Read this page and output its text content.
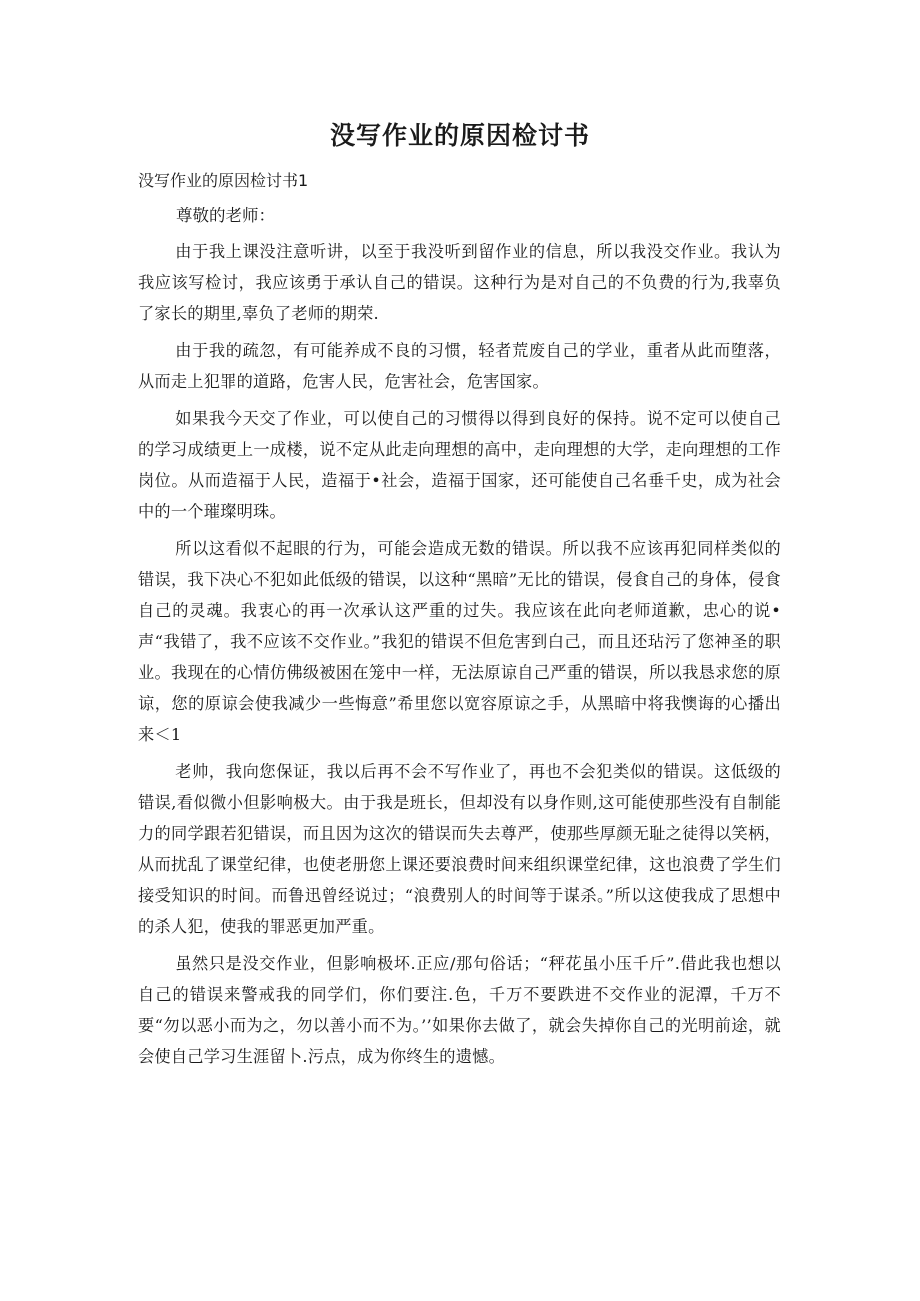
没写作业的原因检讨书
没写作业的原因检讨书1
尊敬的老师：

由于我上课没注意听讲，以至于我没听到留作业的信息，所以我没交作业。我认为我应该写检讨，我应该勇于承认自己的错误。这种行为是对自己的不负费的行为,我辜负了家长的期里,辜负了老师的期荣.

由于我的疏忽，有可能养成不良的习惯，轻者荒废自己的学业，重者从此而堕落，从而走上犯罪的道路，危害人民，危害社会，危害国家。

如果我今天交了作业，可以使自己的习惯得以得到良好的保持。说不定可以使自己的学习成绩更上一成楼，说不定从此走向理想的高中，走向理想的大学，走向理想的工作岗位。从而造福于人民，造福于•社会，造福于国家，还可能使自己名垂千史，成为社会中的一个璀璨明珠。

所以这看似不起眼的行为，可能会造成无数的错误。所以我不应该再犯同样类似的错误，我下决心不犯如此低级的错误，以这种“黑暗”无比的错误，侵食自己的身体，侵食自己的灵魂。我衷心的再一次承认这严重的过失。我应该在此向老师道歉，忠心的说•声“我错了，我不应该不交作业。”我犯的错误不但危害到白己，而且还玷污了您神圣的职业。我现在的心情仿佛级被困在笼中一样，无法原谅自己严重的错误，所以我恳求您的原谅，您的原谅会使我减少一些悔意”希里您以宽容原谅之手，从黑暗中将我懊诲的心播出来＜1

老帅，我向您保证，我以后再不会不写作业了，再也不会犯类似的错误。这低级的错误,看似微小但影响极大。由于我是班长，但却没有以身作则,这可能使那些没有自制能力的同学跟若犯错误，而且因为这次的错误而失去尊严，使那些厚颜无耻之徒得以笑柄，从而扰乱了课堂纪律，也使老册您上课还要浪费时间来组织课堂纪律，这也浪费了学生们接受知识的时间。而鲁迅曾经说过；“浪费别人的时间等于谋杀。”所以这使我成了思想中的杀人犯，使我的罪恶更加严重。

虽然只是没交作业，但影响极坏.正应/那句俗话；“秤花虽小压千斤”.借此我也想以自己的错误来警戒我的同学们，你们要注.色，千万不要跌进不交作业的泥潭，千万不要“勿以恶小而为之，勿以善小而不为。’’如果你去做了，就会失掉你自己的光明前途，就会使自己学习生涯留卜.污点，成为你终生的遗憾。
